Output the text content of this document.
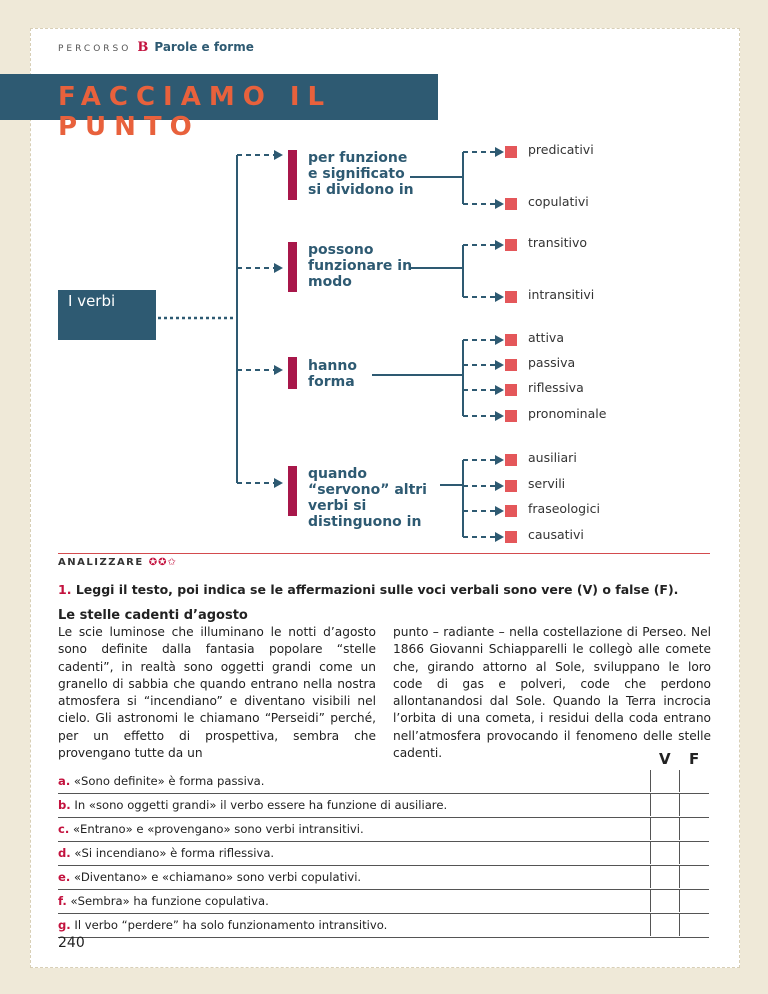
PERCORSO B Parole e forme
FACCIAMO IL PUNTO
I verbi
per funzione e significato si dividono in
possono funzionare in modo
hanno forma
quando “servono” altri verbi si distinguono in
predicativi
copulativi
transitivo
intransitivi
attiva
passiva
riflessiva
pronominale
ausiliari
servili
fraseologici
causativi
ANALIZZARE ✪✪✩
1. Leggi il testo, poi indica se le affermazioni sulle voci verbali sono vere (V) o false (F).
Le stelle cadenti d’agosto
Le scie luminose che illuminano le notti d’agosto sono definite dalla fantasia popolare “stelle cadenti”, in realtà sono oggetti grandi come un granello di sabbia che quando entrano nella nostra atmosfera si “incendiano” e diventano visibili nel cielo. Gli astronomi le chiamano “Perseidi” perché, per un effetto di prospettiva, sembra che provengano tutte da un
punto – radiante – nella costellazione di Perseo. Nel 1866 Giovanni Schiapparelli le collegò alle comete che, girando attorno al Sole, sviluppano le loro code di gas e polveri, code che perdono allontanandosi dal Sole. Quando la Terra incrocia l’orbita di una cometa, i residui della coda entrano nell’atmosfera provocando il fenomeno delle stelle cadenti.	V F
a. «Sono definite» è forma passiva.
b. In «sono oggetti grandi» il verbo essere ha funzione di ausiliare.
c. «Entrano» e «provengano» sono verbi intransitivi.
d. «Si incendiano» è forma riflessiva.
e. «Diventano» e «chiamano» sono verbi copulativi.
f. «Sembra» ha funzione copulativa.
g. Il verbo “perdere” ha solo funzionamento intransitivo.
240
